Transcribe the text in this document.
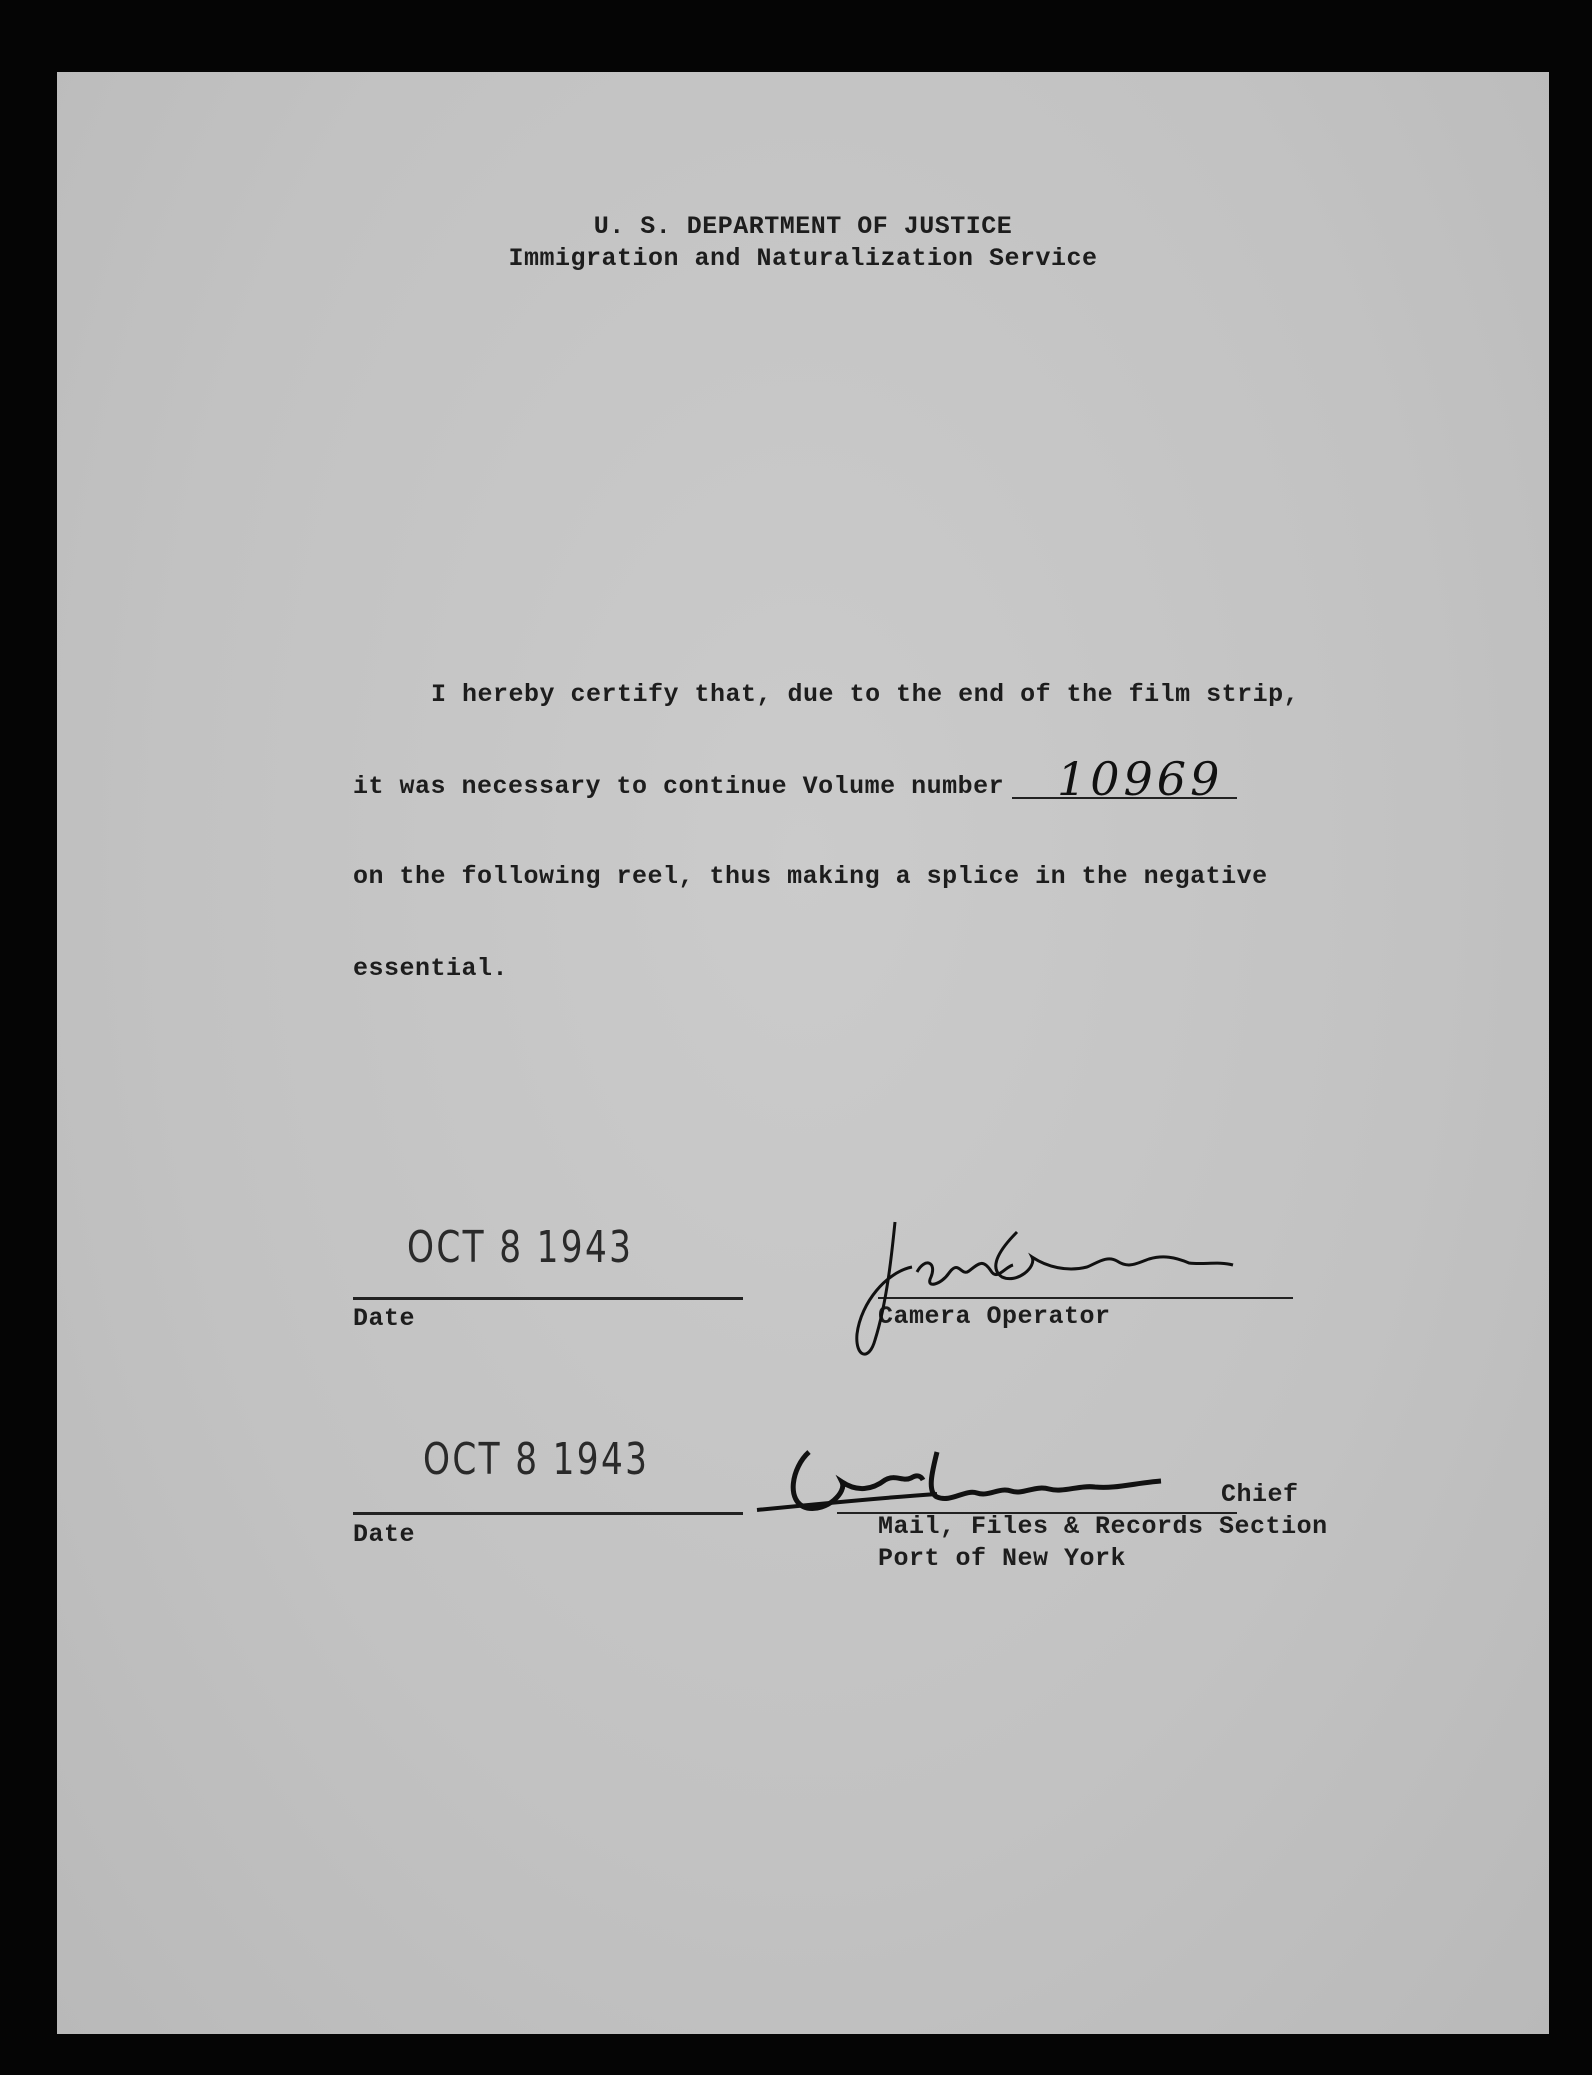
U. S. DEPARTMENT OF JUSTICE
Immigration and Naturalization Service
I hereby certify that, due to the end of the film strip,
it was necessary to continue Volume number 10969
on the following reel, thus making a splice in the negative
essential.
OCT 8 1943
Date	Camera Operator
OCT 8 1943
Date
Chief
Mail, Files & Records Section
Port of New York
